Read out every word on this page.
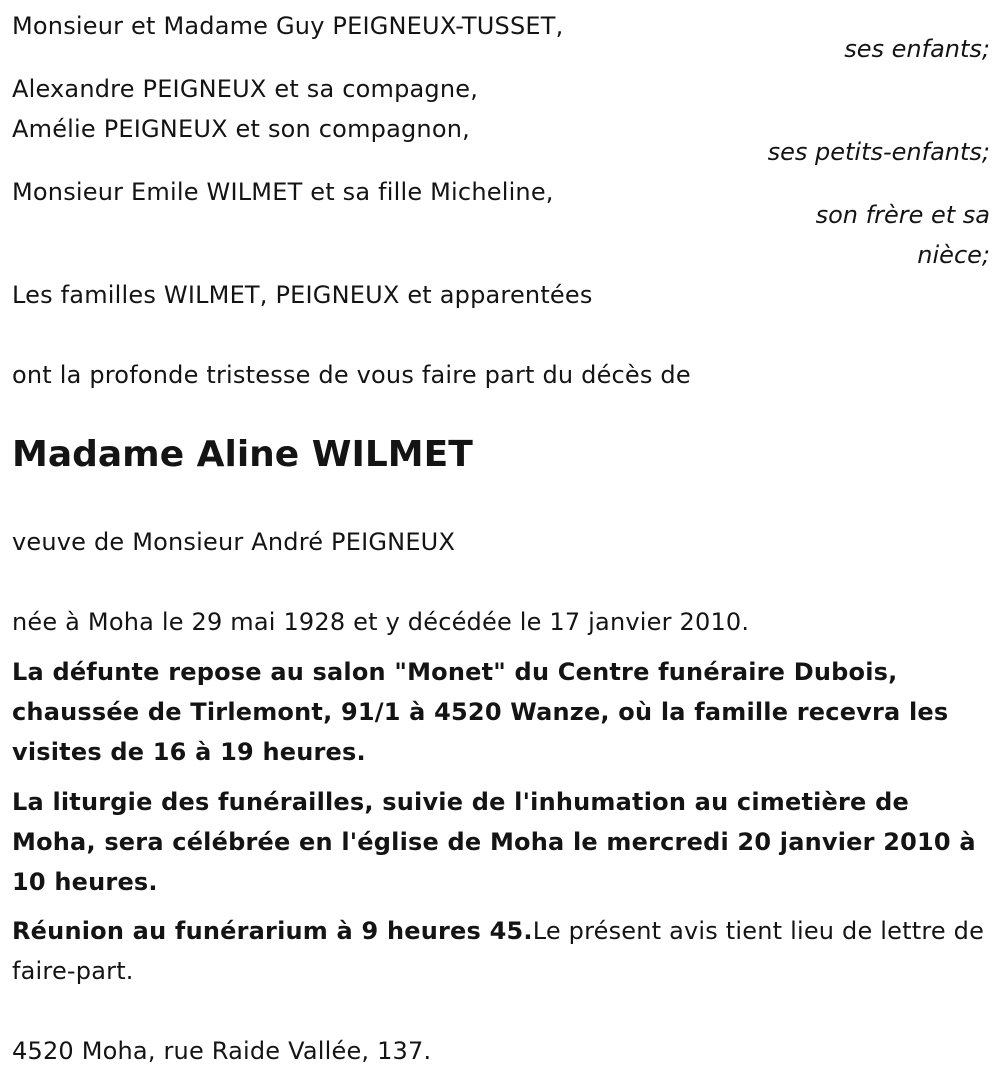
Monsieur et Madame Guy PEIGNEUX-TUSSET,
ses enfants;
Alexandre PEIGNEUX et sa compagne,
Amélie PEIGNEUX et son compagnon,
ses petits-enfants;
Monsieur Emile WILMET et sa fille Micheline,
son frère et sa
nièce;
Les familles WILMET, PEIGNEUX et apparentées
ont la profonde tristesse de vous faire part du décès de
Madame Aline WILMET
veuve de Monsieur André PEIGNEUX
née à Moha le 29 mai 1928 et y décédée le 17 janvier 2010.
La défunte repose au salon "Monet" du Centre funéraire Dubois, chaussée de Tirlemont, 91/1 à 4520 Wanze, où la famille recevra les visites de 16 à 19 heures.
La liturgie des funérailles, suivie de l'inhumation au cimetière de Moha, sera célébrée en l'église de Moha le mercredi 20 janvier 2010 à 10 heures.
Réunion au funérarium à 9 heures 45.Le présent avis tient lieu de lettre de faire-part.
4520 Moha, rue Raide Vallée, 137.
